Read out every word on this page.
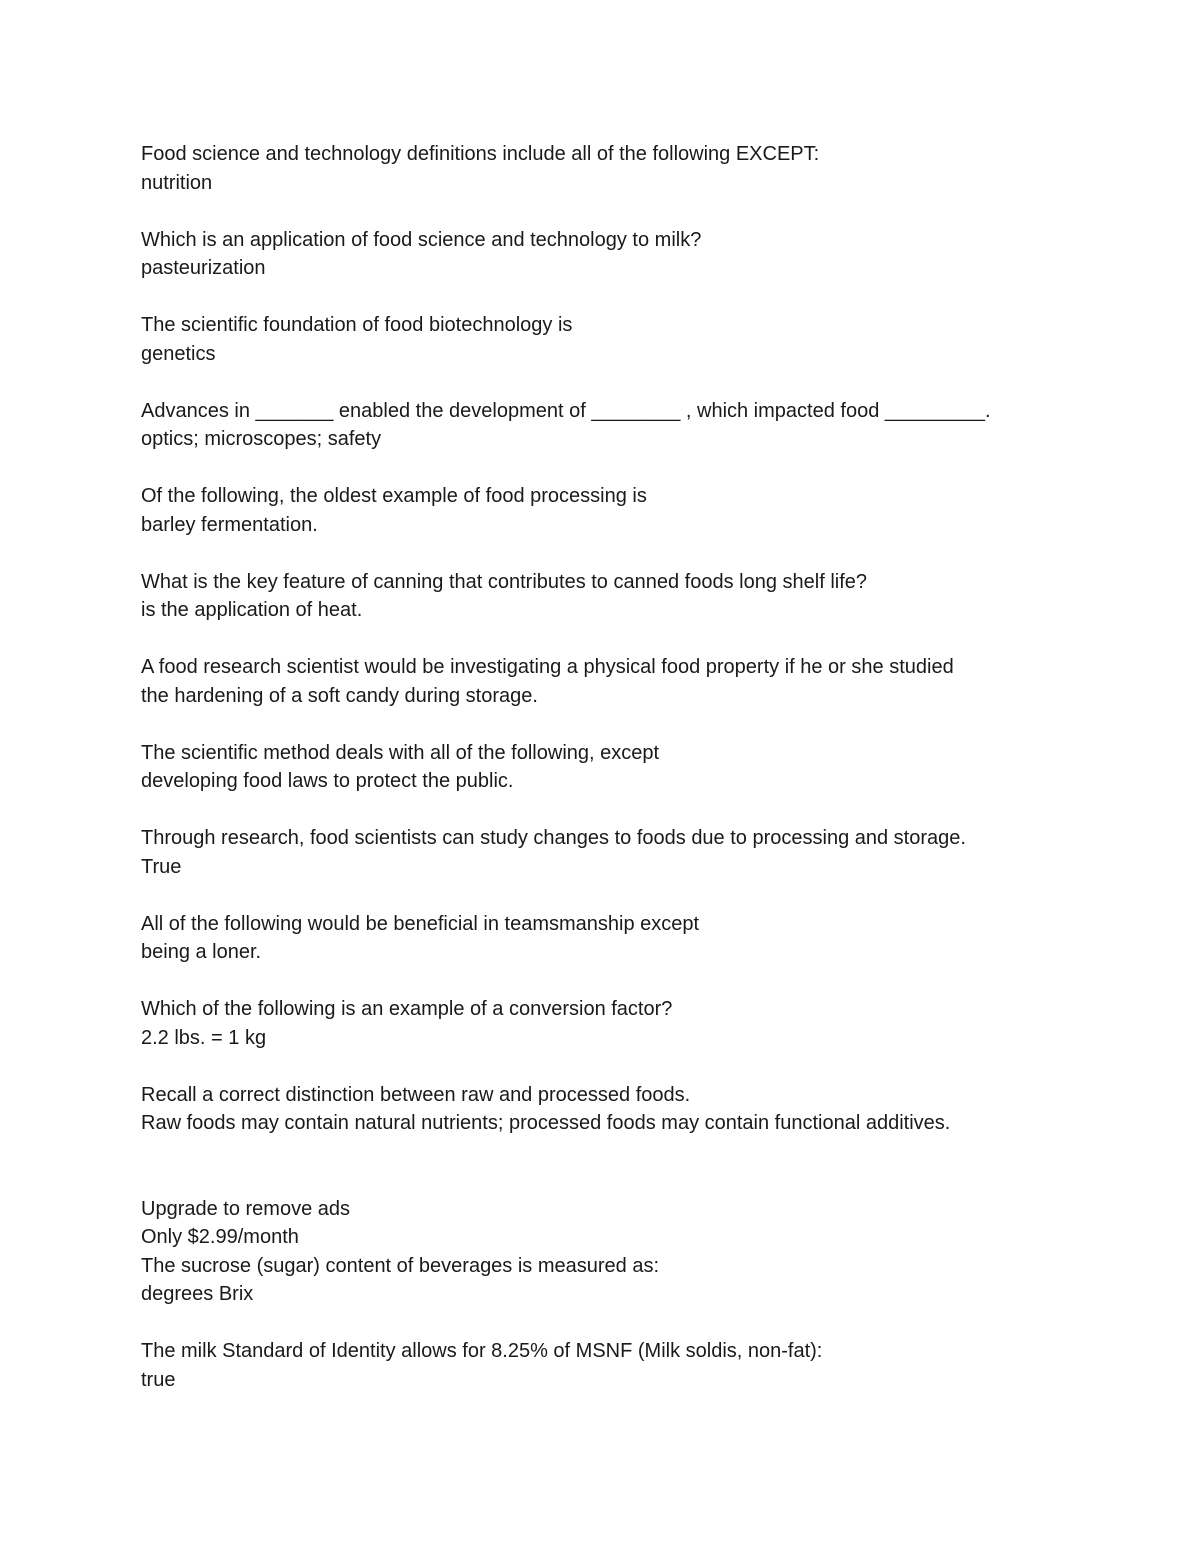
Food science and technology definitions include all of the following EXCEPT:

nutrition

Which is an application of food science and technology to milk?

pasteurization

The scientific foundation of food biotechnology is

genetics

Advances in _______ enabled the development of ________ , which impacted food _________.

optics; microscopes; safety

Of the following, the oldest example of food processing is

barley fermentation.

What is the key feature of canning that contributes to canned foods long shelf life?

is the application of heat.

A food research scientist would be investigating a physical food property if he or she studied

the hardening of a soft candy during storage.

The scientific method deals with all of the following, except

developing food laws to protect the public.

Through research, food scientists can study changes to foods due to processing and storage.

True

All of the following would be beneficial in teamsmanship except

being a loner.

Which of the following is an example of a conversion factor?

2.2 lbs. = 1 kg

Recall a correct distinction between raw and processed foods.

Raw foods may contain natural nutrients; processed foods may contain functional additives.

Upgrade to remove ads

Only $2.99/month

The sucrose (sugar) content of beverages is measured as:

degrees Brix

The milk Standard of Identity allows for 8.25% of MSNF (Milk soldis, non-fat):

true
